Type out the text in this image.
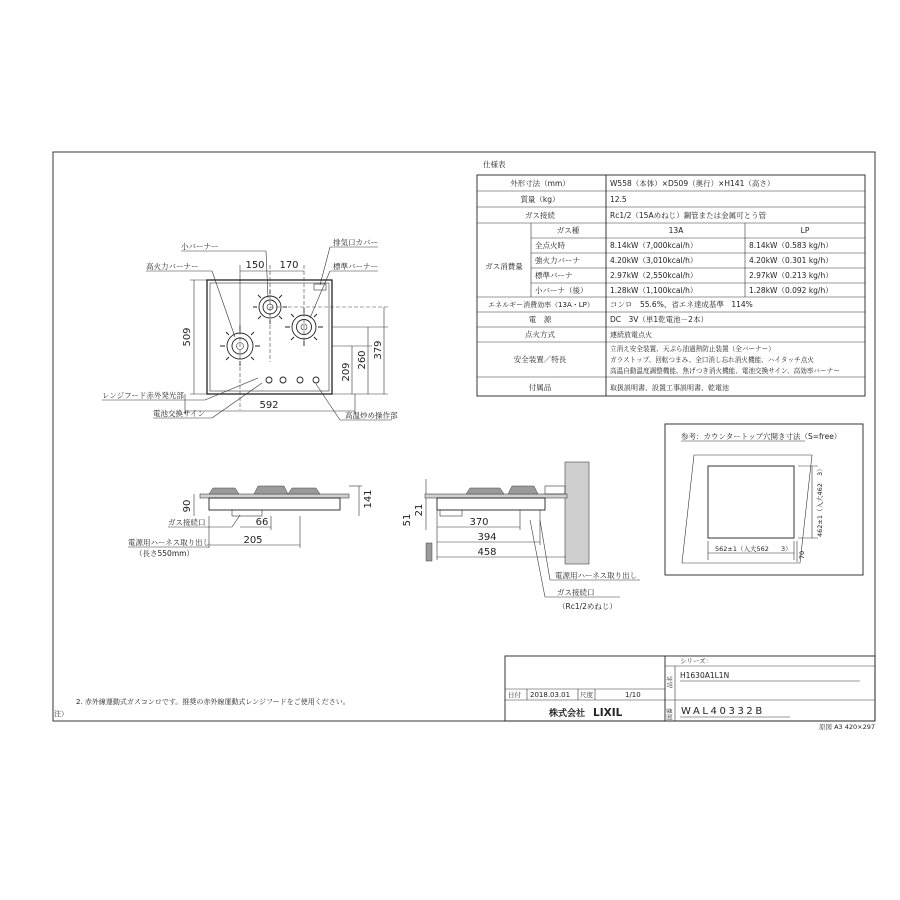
仕様表
外形寸法（mm）	W558（本体）×D509（奥行）×H141（高さ）
質量（kg）	12.5
ガス接続	Rc1/2（15Aめねじ）鋼管または金属可とう管
ガス消費量
ガス種	13A	LP
全点火時	8.14kW（7,000kcal/h）	8.14kW（0.583 kg/h）
強火力バーナ	4.20kW（3,010kcal/h）	4.20kW（0.301 kg/h）
標準バーナ	2.97kW（2,550kcal/h）	2.97kW（0.213 kg/h）
小バーナ（後）	1.28kW（1,100kcal/h）	1.28kW（0.092 kg/h）
エネルギー消費効率（13A・LP） コンロ　55.6%、省エネ達成基準　114%
電　源	DC　3V（単1乾電池－2本）
点火方式	連続放電点火
安全装置／特長
立消え安全装置、天ぷら油過熱防止装置（全バーナー）
ガラストップ、回転つまみ、全口消し忘れ消火機能、ハイタッチ点火
高温自動温度調整機能、焦げつき消火機能、電池交換サイン、高効率バーナー
付属品	取扱説明書、設置工事説明書、乾電池
150 170
509
592
209
260
379
小バーナー
高火力バーナー
排気口カバー
標準バーナー
レンジフード赤外発光部
電池交換サイン	高温炒め操作部
90	141
66
205
ガス接続口
電源用ハーネス取り出し
（長さ550mm）
21
51	370
394
458
電源用ハーネス取り出し
ガス接続口
（Rc1/2めねじ）
参考：カウンタートップ穴開き寸法（S=free）
562±1（入大562 3）
462±1（入大462
3）
70
注）
2. 赤外線運動式ガスコンロです。推奨の赤外線運動式レンジフードをご使用ください。
シリーズ：
品名
H1630A1L1N
日付 2018.03.01 尺度	1/10
株式会社 LIXIL	図番 WAL40332B
原図 A3 420×297
